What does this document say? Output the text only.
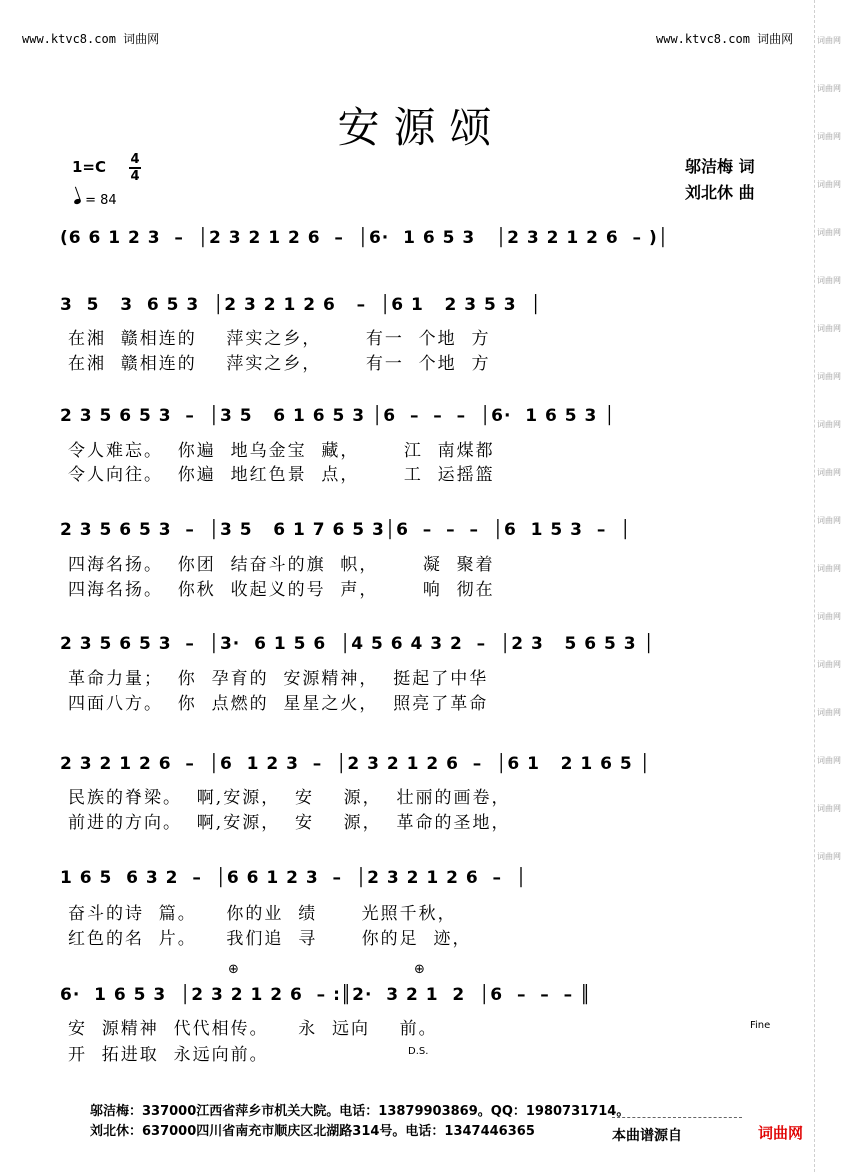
词曲网
词曲网
词曲网
词曲网
词曲网
词曲网
词曲网
词曲网
词曲网
词曲网
词曲网
词曲网
词曲网
词曲网
词曲网
词曲网
词曲网
词曲网
www.ktvc8.com 词曲网	www.ktvc8.com 词曲网
安源颂
1=C 4
4
= 84
邬洁梅 词
刘北休 曲
(6 6 1 2 3  –  │2 3 2 1 2 6  –  │6·  1 6 5 3   │2 3 2 1 2 6  – )│
3  5   3  6 5 3  │2 3 2 1 2 6   –  │6 1   2 3 5 3  │
在湘  赣相连的    萍实之乡，      有一  个地  方
在湘  赣相连的    萍实之乡，      有一  个地  方
2 3 5 6 5 3  –  │3 5   6 1 6 5 3 │6  –  –  –  │6·  1 6 5 3 │
令人难忘。  你遍  地乌金宝  藏，      江  南煤都
令人向往。  你遍  地红色景  点，      工  运摇篮
2 3 5 6 5 3  –  │3 5   6 1 7 6 5 3│6  –  –  –  │6  1 5 3  –  │
四海名扬。  你团  结奋斗的旗  帜，      凝  聚着
四海名扬。  你秋  收起义的号  声，      响  彻在
2 3 5 6 5 3  –  │3·  6 1 5 6  │4 5 6 4 3 2  –  │2 3   5 6 5 3 │
革命力量；  你  孕育的  安源精神，  挺起了中华
四面八方。  你  点燃的  星星之火，  照亮了革命
2 3 2 1 2 6  –  │6  1 2 3  –  │2 3 2 1 2 6  –  │6 1   2 1 6 5 │
民族的脊梁。  啊,安源，  安    源，  壮丽的画卷，
前进的方向。  啊,安源，  安    源，  革命的圣地，
1 6 5  6 3 2  –  │6 6 1 2 3  –  │2 3 2 1 2 6  –  │
奋斗的诗  篇。    你的业  绩      光照千秋，
红色的名  片。    我们追  寻      你的足  迹，
⊕	⊕
6·  1 6 5 3  │2 3 2 1 2 6  – :║2·  3 2 1  2  │6  –  –  – ║
安  源精神  代代相传。    永  远向    前。
开  拓进取  永远向前。
Fine
D.S.
邬洁梅：337000江西省萍乡市机关大院。电话：13879903869。QQ：1980731714。
刘北休：637000四川省南充市顺庆区北湖路314号。电话：1347446365	本曲谱源自	词曲网
